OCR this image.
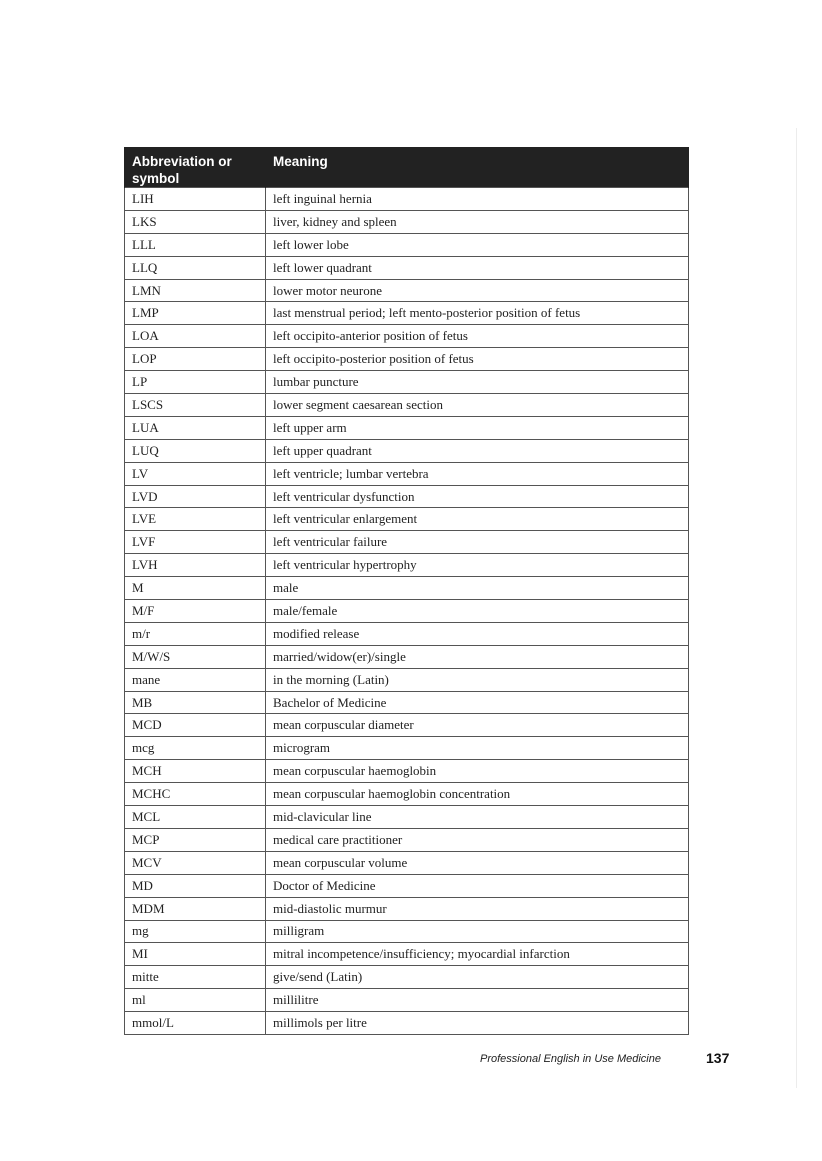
Abbreviation or symbol	Meaning
LIH	left inguinal hernia
LKS	liver, kidney and spleen
LLL	left lower lobe
LLQ	left lower quadrant
LMN	lower motor neurone
LMP	last menstrual period; left mento-posterior position of fetus
LOA	left occipito-anterior position of fetus
LOP	left occipito-posterior position of fetus
LP	lumbar puncture
LSCS	lower segment caesarean section
LUA	left upper arm
LUQ	left upper quadrant
LV	left ventricle; lumbar vertebra
LVD	left ventricular dysfunction
LVE	left ventricular enlargement
LVF	left ventricular failure
LVH	left ventricular hypertrophy
M	male
M/F	male/female
m/r	modified release
M/W/S	married/widow(er)/single
mane	in the morning (Latin)
MB	Bachelor of Medicine
MCD	mean corpuscular diameter
mcg	microgram
MCH	mean corpuscular haemoglobin
MCHC	mean corpuscular haemoglobin concentration
MCL	mid-clavicular line
MCP	medical care practitioner
MCV	mean corpuscular volume
MD	Doctor of Medicine
MDM	mid-diastolic murmur
mg	milligram
MI	mitral incompetence/insufficiency; myocardial infarction
mitte	give/send (Latin)
ml	millilitre
mmol/L	millimols per litre
Professional English in Use Medicine	137
